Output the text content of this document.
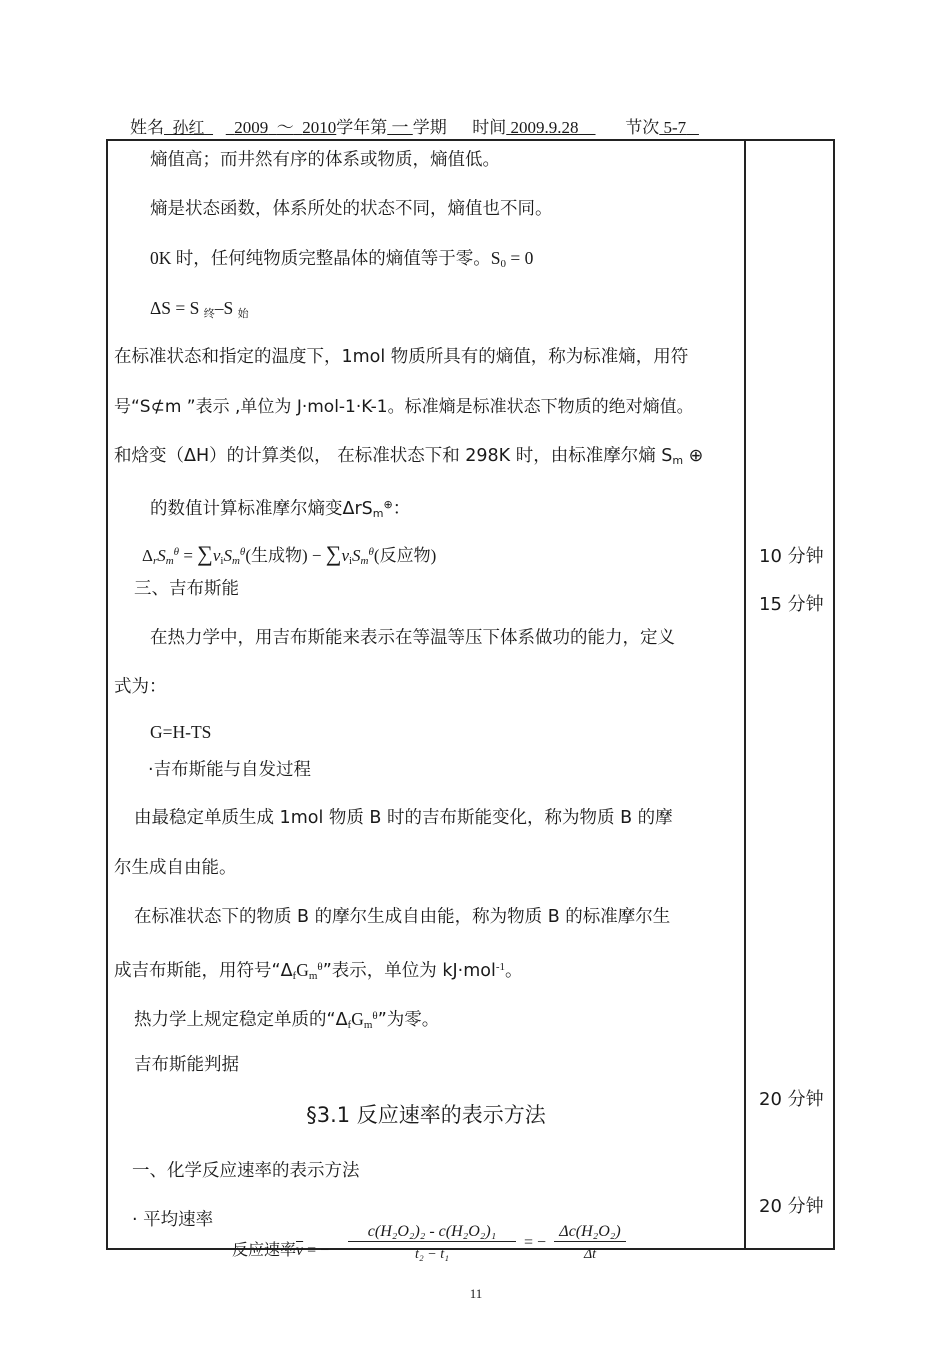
姓名 孙红 2009 ～ 2010学年第 一 学期 时间 2009.9.28	节次 5-7
熵值高；而井然有序的体系或物质，熵值低。
熵是状态函数，体系所处的状态不同，熵值也不同。
0K 时，任何纯物质完整晶体的熵值等于零。$S_0 = 0$
ΔS = S $_终$–S $_始$
在标准状态和指定的温度下，1mol 物质所具有的熵值，称为标准熵，用符
号“S⊄m ”表示 ,单位为 J·mol-1·K-1。标准熵是标准状态下物质的绝对熵值。
和焓变（ΔH）的计算类似， 在标准状态下和 298K 时，由标准摩尔熵 $S_m$ ⊕
的数值计算标准摩尔熵变ΔrS$_m$⊕：
$\Delta_rS_m^\theta = \sum v_iS_m^\theta$(生成物) − $\sum v_iS_m^\theta$(反应物)
三、吉布斯能
在热力学中，用吉布斯能来表示在等温等压下体系做功的能力，定义
式为：
G=H-TS
·吉布斯能与自发过程
由最稳定单质生成 1mol 物质 B 时的吉布斯能变化，称为物质 B 的摩
尔生成自由能。
在标准状态下的物质 B 的摩尔生成自由能，称为物质 B 的标准摩尔生
成吉布斯能，用符号“$\Delta_fG_m^\theta$”表示，单位为 kJ·mol$^{-1}$。
热力学上规定稳定单质的“$\Delta_fG_m^\theta$”为零。
吉布斯能判据
§3.1 反应速率的表示方法
一、化学反应速率的表示方法
· 平均速率
反应速率$\overline{v}$ = −
c(H₂O₂)₂ - c(H₂O₂)₁
t₂ − t₁
= −
Δc(H₂O₂)
Δt
10 分钟
15 分钟
20 分钟
20 分钟
11
